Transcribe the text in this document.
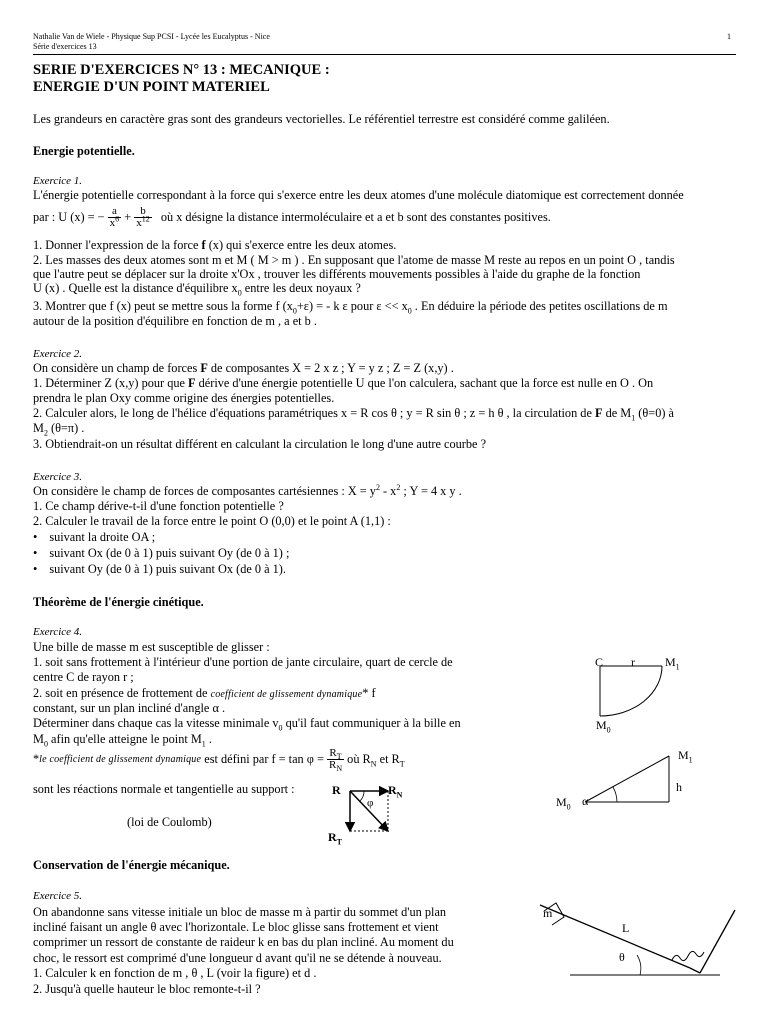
Nathalie Van de Wiele - Physique Sup PCSI - Lycée les Eucalyptus - Nice	1
Série d'exercices 13
SERIE D'EXERCICES N° 13 : MECANIQUE :
ENERGIE D'UN POINT MATERIEL
Les grandeurs en caractère gras sont des grandeurs vectorielles. Le référentiel terrestre est considéré comme galiléen.
Energie potentielle.
Exercice 1.
L'énergie potentielle correspondant à la force qui s'exerce entre les deux atomes d'une molécule diatomique est correctement donnée
par : U (x) = − $\frac{a}{x^6} + \frac{b}{x^{12}}$ où x désigne la distance intermoléculaire et a et b sont des constantes positives.
1. Donner l'expression de la force f (x) qui s'exerce entre les deux atomes.
2. Les masses des deux atomes sont m et M ( M > m ) . En supposant que l'atome de masse M reste au repos en un point O , tandis
que l'autre peut se déplacer sur la droite x'Ox , trouver les différents mouvements possibles à l'aide du graphe de la fonction
U (x) . Quelle est la distance d'équilibre $x_0$ entre les deux noyaux ?
3. Montrer que f (x) peut se mettre sous la forme f $(x_0+\varepsilon)$ = - k ε pour $\varepsilon << x_0$ . En déduire la période des petites oscillations de m
autour de la position d'équilibre en fonction de m , a et b .
Exercice 2.
On considère un champ de forces F de composantes X = 2 x z ; Y = y z ; Z = Z (x,y) .
1. Déterminer Z (x,y) pour que F dérive d'une énergie potentielle U que l'on calculera, sachant que la force est nulle en O . On
prendra le plan Oxy comme origine des énergies potentielles.
2. Calculer alors, le long de l'hélice d'équations paramétriques x = R cos θ ; y = R sin θ ; z = h θ , la circulation de F de $M_1$ (θ=0) à
$M_2$ (θ=π) .
3. Obtiendrait-on un résultat différent en calculant la circulation le long d'une autre courbe ?
Exercice 3.
On considère le champ de forces de composantes cartésiennes : $X = y^2 - x^2$ ; Y = 4 x y .
1. Ce champ dérive-t-il d'une fonction potentielle ?
2. Calculer le travail de la force entre le point O (0,0) et le point A (1,1) :
• suivant la droite OA ;
• suivant Ox (de 0 à 1) puis suivant Oy (de 0 à 1) ;
• suivant Oy (de 0 à 1) puis suivant Ox (de 0 à 1).
Théorème de l'énergie cinétique.
Exercice 4.
Une bille de masse m est susceptible de glisser :
1. soit sans frottement à l'intérieur d'une portion de jante circulaire, quart de cercle de
centre C de rayon r ;
2. soit en présence de frottement de coefficient de glissement dynamique* f
constant, sur un plan incliné d'angle α .
Déterminer dans chaque cas la vitesse minimale $v_0$ qu'il faut communiquer à la bille en
$M_0$ afin qu'elle atteigne le point $M_1$ .
*le coefficient de glissement dynamique est défini par $f = \tan \varphi = \frac{R_T}{R_N}$ où $R_N$ et $R_T$
sont les réactions normale et tangentielle au support :
(loi de Coulomb)
R	$R_N$
$R_T$
φ
C r	$M_1$
$M_0$
$M_1$
h
$M_0$ α
Conservation de l'énergie mécanique.
Exercice 5.
On abandonne sans vitesse initiale un bloc de masse m à partir du sommet d'un plan
incliné faisant un angle θ avec l'horizontale. Le bloc glisse sans frottement et vient
comprimer un ressort de constante de raideur k en bas du plan incliné. Au moment du
choc, le ressort est comprimé d'une longueur d avant qu'il ne se détende à nouveau.
1. Calculer k en fonction de m , θ , L (voir la figure) et d .
2. Jusqu'à quelle hauteur le bloc remonte-t-il ?
m
L
θ
